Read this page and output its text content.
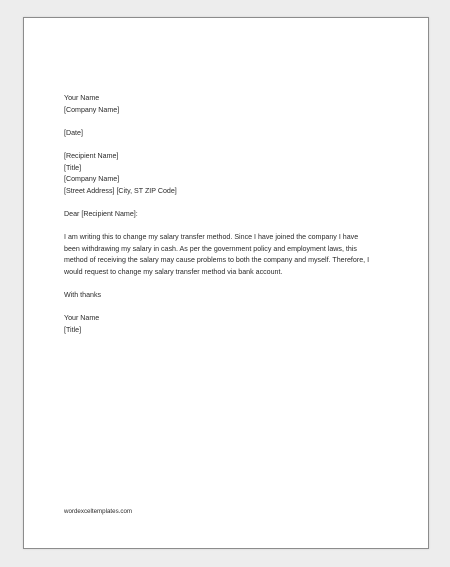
Your Name
[Company Name]
[Date]
[Recipient Name]
[Title]
[Company Name]
[Street Address] [City, ST ZIP Code]
Dear [Recipient Name]:
I am writing this to change my salary transfer method. Since I have joined the company I have
been withdrawing my salary in cash. As per the government policy and employment laws, this
method of receiving the salary may cause problems to both the company and myself. Therefore, I
would request to change my salary transfer method via bank account.
With thanks
Your Name
[Title]
wordexceltemplates.com
